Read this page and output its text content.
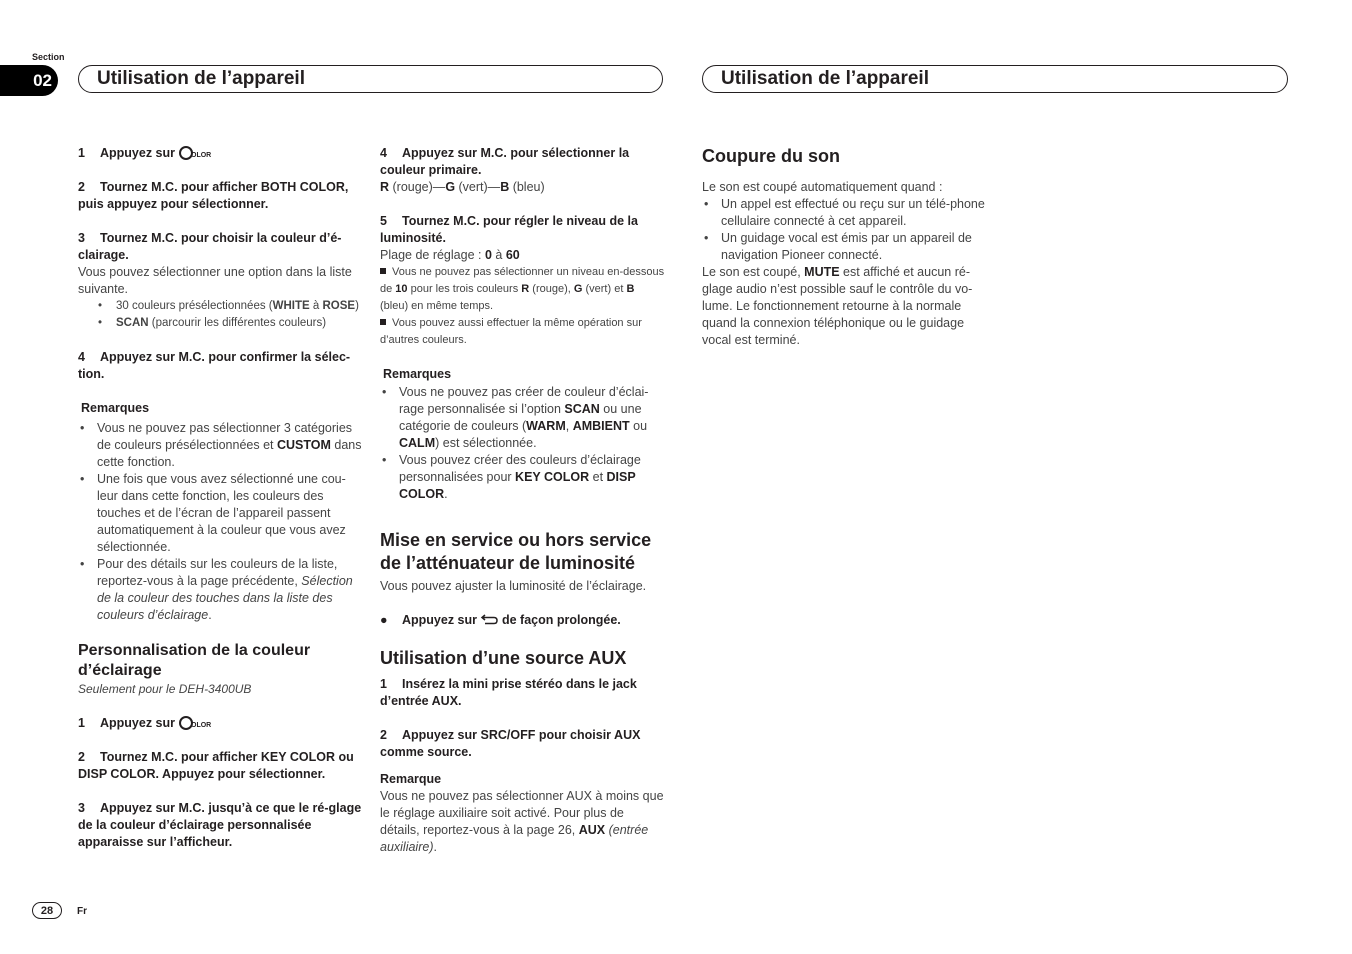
Section
02	Utilisation de l’appareil	Utilisation de l’appareil

1 Appuyez sur OLOR

2 Tournez M.C. pour afficher BOTH COLOR, puis appuyez pour sélectionner.

3 Tournez M.C. pour choisir la couleur d’é-clairage.

Vous pouvez sélectionner une option dans la liste suivante.

• 30 couleurs présélectionnées (WHITE à ROSE)
• SCAN (parcourir les différentes couleurs)

4 Appuyez sur M.C. pour confirmer la sélec-tion.

Remarques

• Vous ne pouvez pas sélectionner 3 catégories de couleurs présélectionnées et CUSTOM dans cette fonction.
• Une fois que vous avez sélectionné une cou-leur dans cette fonction, les couleurs des touches et de l’écran de l’appareil passent automatiquement à la couleur que vous avez sélectionnée.
• Pour des détails sur les couleurs de la liste, reportez-vous à la page précédente, Sélection de la couleur des touches dans la liste des couleurs d’éclairage.
Personnalisation de la couleur d’éclairage

Seulement pour le DEH-3400UB

1 Appuyez sur OLOR

2 Tournez M.C. pour afficher KEY COLOR ou DISP COLOR. Appuyez pour sélectionner.

3 Appuyez sur M.C. jusqu’à ce que le ré-glage de la couleur d’éclairage personnalisée apparaisse sur l’afficheur.

4 Appuyez sur M.C. pour sélectionner la couleur primaire.

R (rouge)—G (vert)—B (bleu)

5 Tournez M.C. pour régler le niveau de la luminosité.

Plage de réglage : 0 à 60

Vous ne pouvez pas sélectionner un niveau en-dessous de 10 pour les trois couleurs R (rouge), G (vert) et B (bleu) en même temps.

Vous pouvez aussi effectuer la même opération sur d’autres couleurs.

Remarques

• Vous ne pouvez pas créer de couleur d’éclai-rage personnalisée si l’option SCAN ou une catégorie de couleurs (WARM, AMBIENT ou CALM) est sélectionnée.
• Vous pouvez créer des couleurs d’éclairage personnalisées pour KEY COLOR et DISP COLOR.
Mise en service ou hors service de l’atténuateur de luminosité

Vous pouvez ajuster la luminosité de l’éclairage.

● Appuyez sur de façon prolongée.

Utilisation d’une source AUX

1 Insérez la mini prise stéréo dans le jack d’entrée AUX.

2 Appuyez sur SRC/OFF pour choisir AUX comme source.

Remarque

Vous ne pouvez pas sélectionner AUX à moins que le réglage auxiliaire soit activé. Pour plus de détails, reportez-vous à la page 26, AUX (entrée auxiliaire).

Coupure du son

Le son est coupé automatiquement quand :

• Un appel est effectué ou reçu sur un télé-phone cellulaire connecté à cet appareil.
• Un guidage vocal est émis par un appareil de navigation Pioneer connecté.

Le son est coupé, MUTE est affiché et aucun ré-glage audio n’est possible sauf le contrôle du vo-lume. Le fonctionnement retourne à la normale quand la connexion téléphonique ou le guidage vocal est terminé.

28	Fr
